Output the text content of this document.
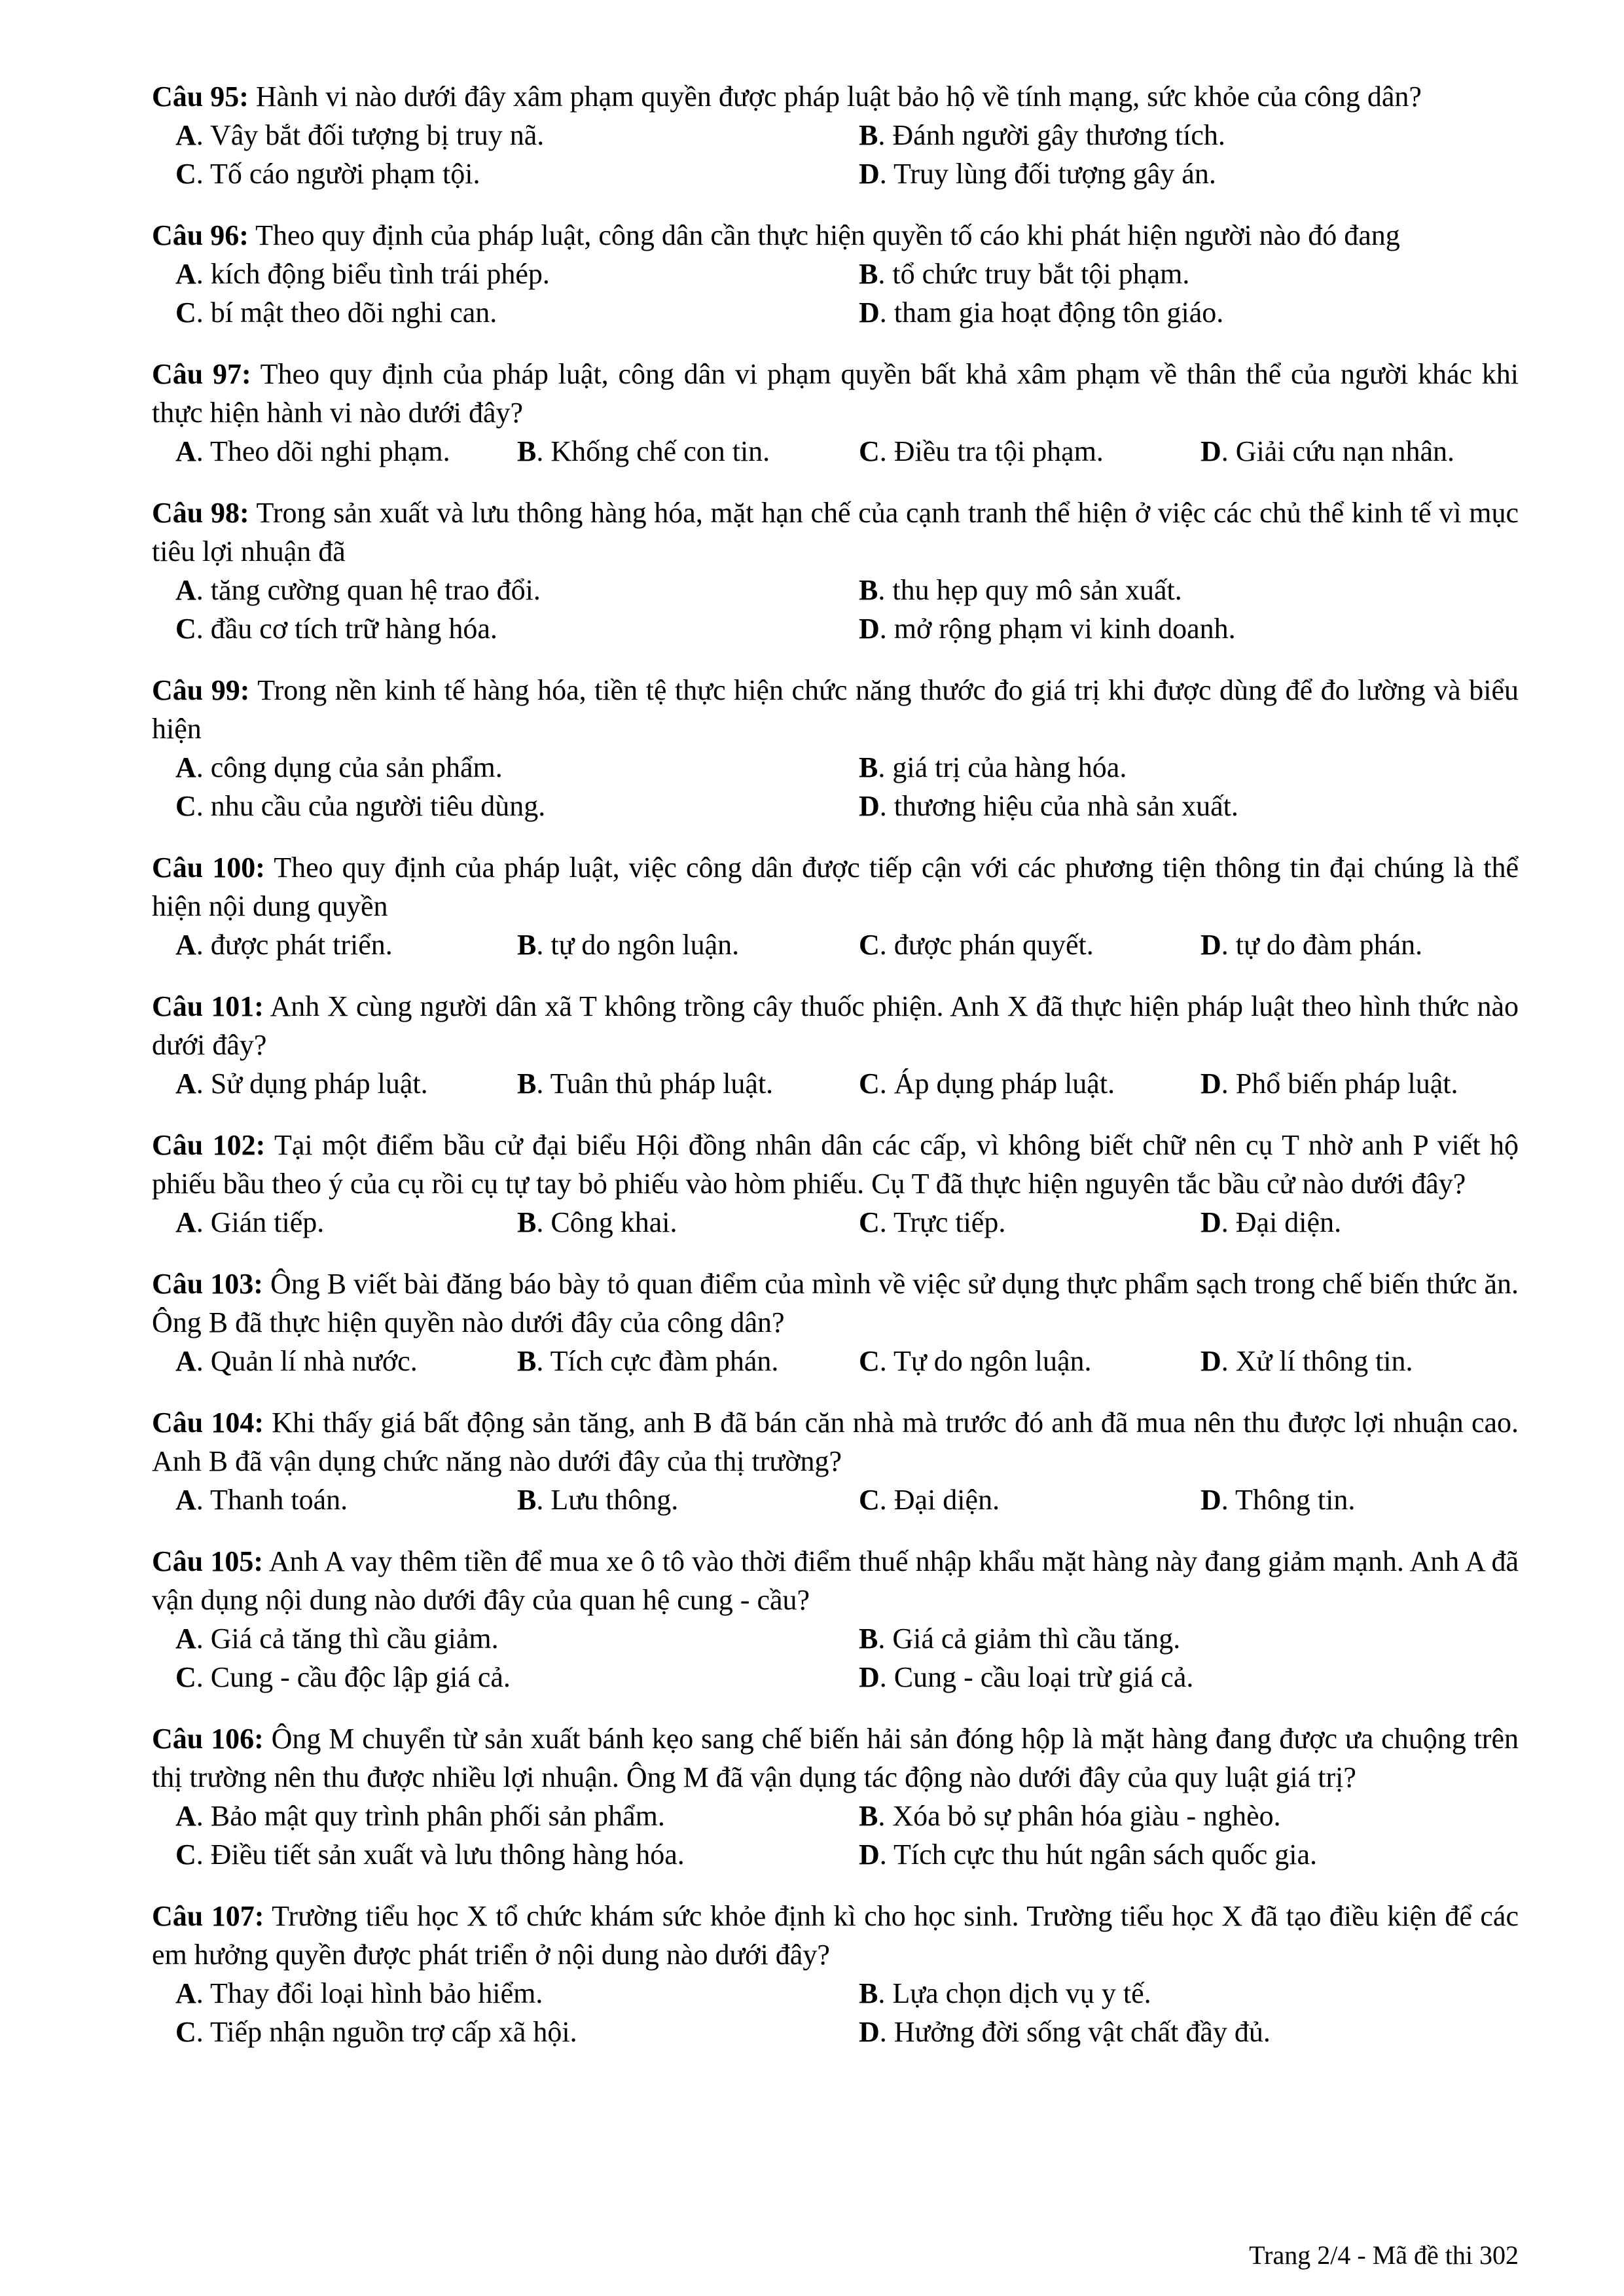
Câu 95: Hành vi nào dưới đây xâm phạm quyền được pháp luật bảo hộ về tính mạng, sức khỏe của công dân?
A. Vây bắt đối tượng bị truy nã.	B. Đánh người gây thương tích.
C. Tố cáo người phạm tội.	D. Truy lùng đối tượng gây án.
Câu 96: Theo quy định của pháp luật, công dân cần thực hiện quyền tố cáo khi phát hiện người nào đó đang
A. kích động biểu tình trái phép.	B. tổ chức truy bắt tội phạm.
C. bí mật theo dõi nghi can.	D. tham gia hoạt động tôn giáo.
Câu 97: Theo quy định của pháp luật, công dân vi phạm quyền bất khả xâm phạm về thân thể của người khác khi thực hiện hành vi nào dưới đây?
A. Theo dõi nghi phạm.	B. Khống chế con tin.	C. Điều tra tội phạm.	D. Giải cứu nạn nhân.
Câu 98: Trong sản xuất và lưu thông hàng hóa, mặt hạn chế của cạnh tranh thể hiện ở việc các chủ thể kinh tế vì mục tiêu lợi nhuận đã
A. tăng cường quan hệ trao đổi.	B. thu hẹp quy mô sản xuất.
C. đầu cơ tích trữ hàng hóa.	D. mở rộng phạm vi kinh doanh.
Câu 99: Trong nền kinh tế hàng hóa, tiền tệ thực hiện chức năng thước đo giá trị khi được dùng để đo lường và biểu hiện
A. công dụng của sản phẩm.	B. giá trị của hàng hóa.
C. nhu cầu của người tiêu dùng.	D. thương hiệu của nhà sản xuất.
Câu 100: Theo quy định của pháp luật, việc công dân được tiếp cận với các phương tiện thông tin đại chúng là thể hiện nội dung quyền
A. được phát triển.	B. tự do ngôn luận.	C. được phán quyết.	D. tự do đàm phán.
Câu 101: Anh X cùng người dân xã T không trồng cây thuốc phiện. Anh X đã thực hiện pháp luật theo hình thức nào dưới đây?
A. Sử dụng pháp luật.	B. Tuân thủ pháp luật.	C. Áp dụng pháp luật.	D. Phổ biến pháp luật.
Câu 102: Tại một điểm bầu cử đại biểu Hội đồng nhân dân các cấp, vì không biết chữ nên cụ T nhờ anh P viết hộ phiếu bầu theo ý của cụ rồi cụ tự tay bỏ phiếu vào hòm phiếu. Cụ T đã thực hiện nguyên tắc bầu cử nào dưới đây?
A. Gián tiếp.	B. Công khai.	C. Trực tiếp.	D. Đại diện.
Câu 103: Ông B viết bài đăng báo bày tỏ quan điểm của mình về việc sử dụng thực phẩm sạch trong chế biến thức ăn. Ông B đã thực hiện quyền nào dưới đây của công dân?
A. Quản lí nhà nước.	B. Tích cực đàm phán.	C. Tự do ngôn luận.	D. Xử lí thông tin.
Câu 104: Khi thấy giá bất động sản tăng, anh B đã bán căn nhà mà trước đó anh đã mua nên thu được lợi nhuận cao. Anh B đã vận dụng chức năng nào dưới đây của thị trường?
A. Thanh toán.	B. Lưu thông.	C. Đại diện.	D. Thông tin.
Câu 105: Anh A vay thêm tiền để mua xe ô tô vào thời điểm thuế nhập khẩu mặt hàng này đang giảm mạnh. Anh A đã vận dụng nội dung nào dưới đây của quan hệ cung - cầu?
A. Giá cả tăng thì cầu giảm.	B. Giá cả giảm thì cầu tăng.
C. Cung - cầu độc lập giá cả.	D. Cung - cầu loại trừ giá cả.
Câu 106: Ông M chuyển từ sản xuất bánh kẹo sang chế biến hải sản đóng hộp là mặt hàng đang được ưa chuộng trên thị trường nên thu được nhiều lợi nhuận. Ông M đã vận dụng tác động nào dưới đây của quy luật giá trị?
A. Bảo mật quy trình phân phối sản phẩm.	B. Xóa bỏ sự phân hóa giàu - nghèo.
C. Điều tiết sản xuất và lưu thông hàng hóa.	D. Tích cực thu hút ngân sách quốc gia.
Câu 107: Trường tiểu học X tổ chức khám sức khỏe định kì cho học sinh. Trường tiểu học X đã tạo điều kiện để các em hưởng quyền được phát triển ở nội dung nào dưới đây?
A. Thay đổi loại hình bảo hiểm.	B. Lựa chọn dịch vụ y tế.
C. Tiếp nhận nguồn trợ cấp xã hội.	D. Hưởng đời sống vật chất đầy đủ.
Trang 2/4 - Mã đề thi 302
